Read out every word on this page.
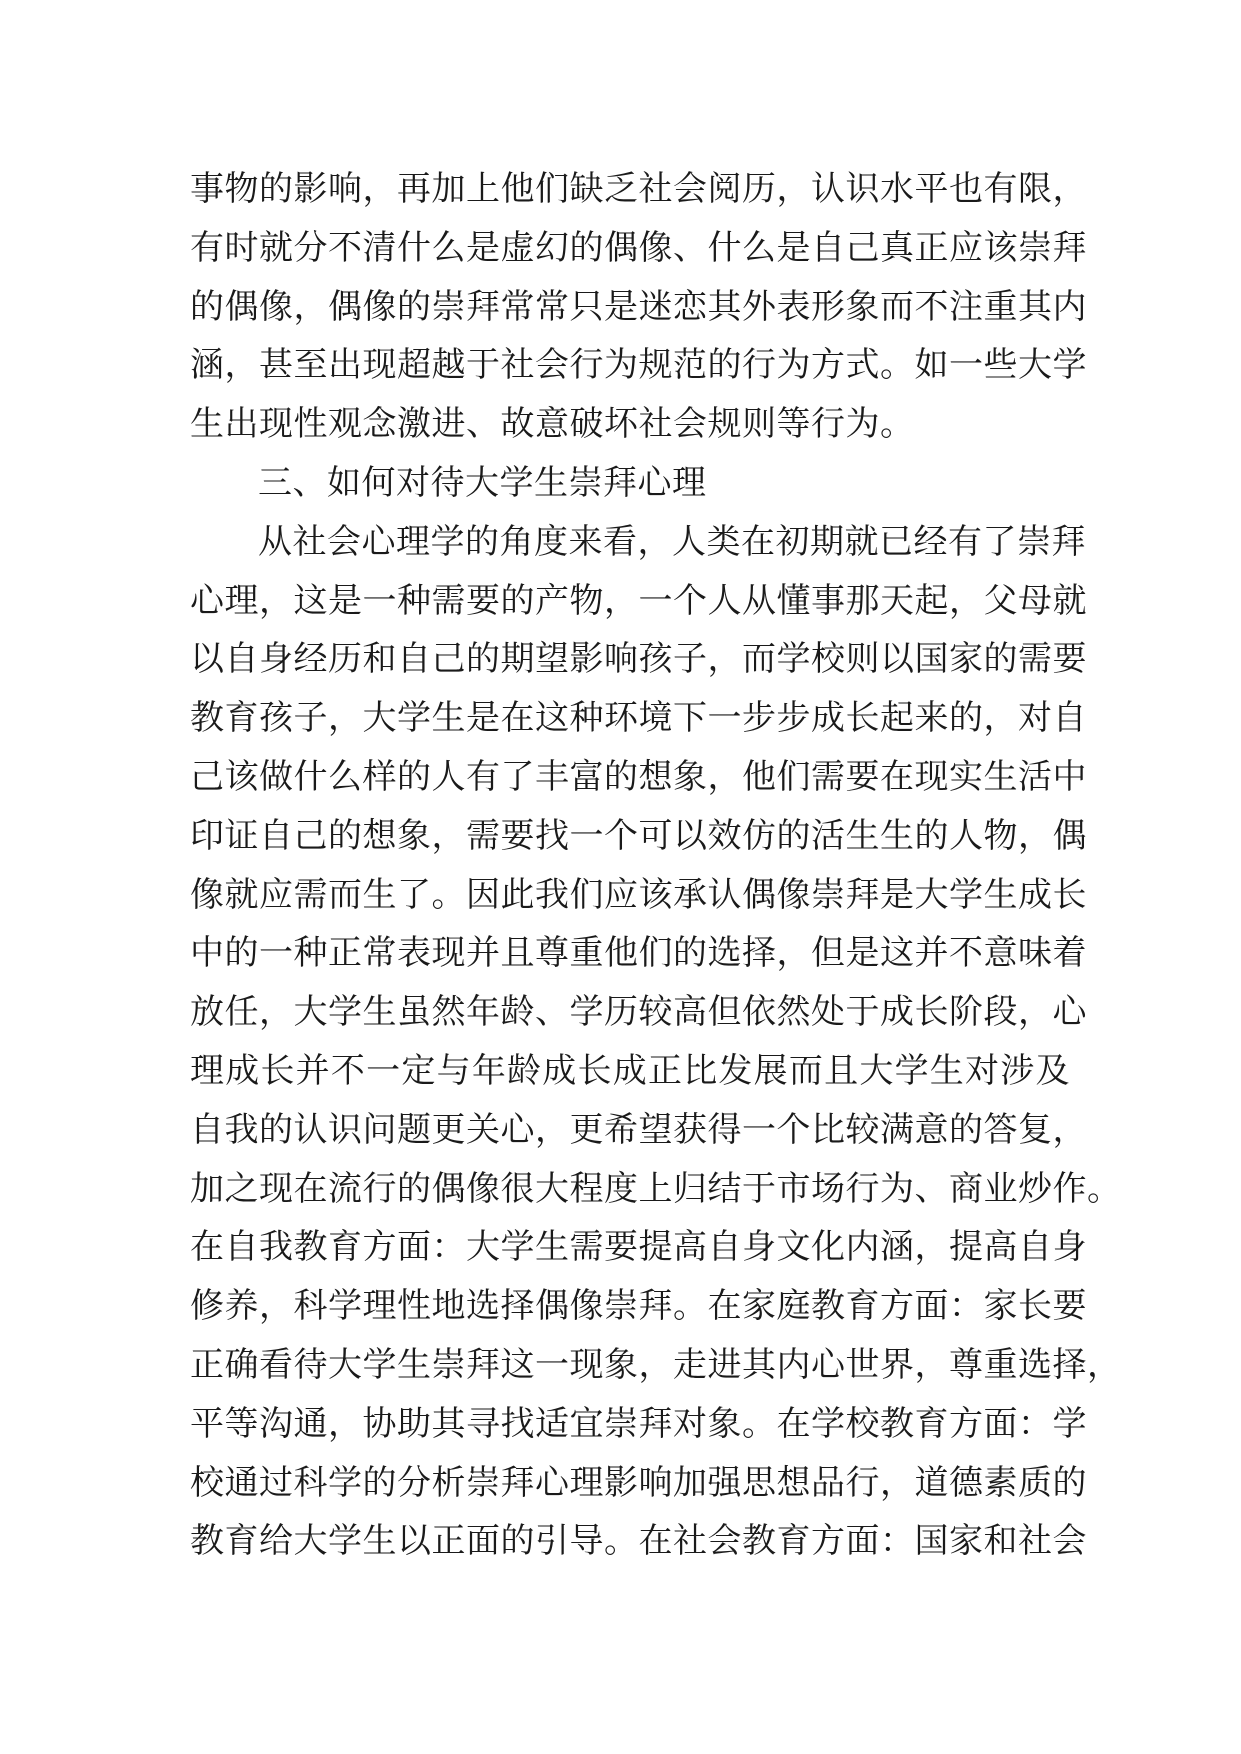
事物的影响，再加上他们缺乏社会阅历，认识水平也有限，
有时就分不清什么是虚幻的偶像、什么是自己真正应该崇拜
的偶像，偶像的崇拜常常只是迷恋其外表形象而不注重其内
涵，甚至出现超越于社会行为规范的行为方式。如一些大学
生出现性观念激进、故意破坏社会规则等行为。
三、如何对待大学生崇拜心理
从社会心理学的角度来看，人类在初期就已经有了崇拜
心理，这是一种需要的产物，一个人从懂事那天起，父母就
以自身经历和自己的期望影响孩子，而学校则以国家的需要
教育孩子，大学生是在这种环境下一步步成长起来的，对自
己该做什么样的人有了丰富的想象，他们需要在现实生活中
印证自己的想象，需要找一个可以效仿的活生生的人物，偶
像就应需而生了。因此我们应该承认偶像崇拜是大学生成长
中的一种正常表现并且尊重他们的选择，但是这并不意味着
放任，大学生虽然年龄、学历较高但依然处于成长阶段，心
理成长并不一定与年龄成长成正比发展而且大学生对涉及
自我的认识问题更关心，更希望获得一个比较满意的答复，
加之现在流行的偶像很大程度上归结于市场行为、商业炒作。
在自我教育方面：大学生需要提高自身文化内涵，提高自身
修养，科学理性地选择偶像崇拜。在家庭教育方面：家长要
正确看待大学生崇拜这一现象，走进其内心世界，尊重选择，
平等沟通，协助其寻找适宜崇拜对象。在学校教育方面：学
校通过科学的分析崇拜心理影响加强思想品行，道德素质的
教育给大学生以正面的引导。在社会教育方面：国家和社会
